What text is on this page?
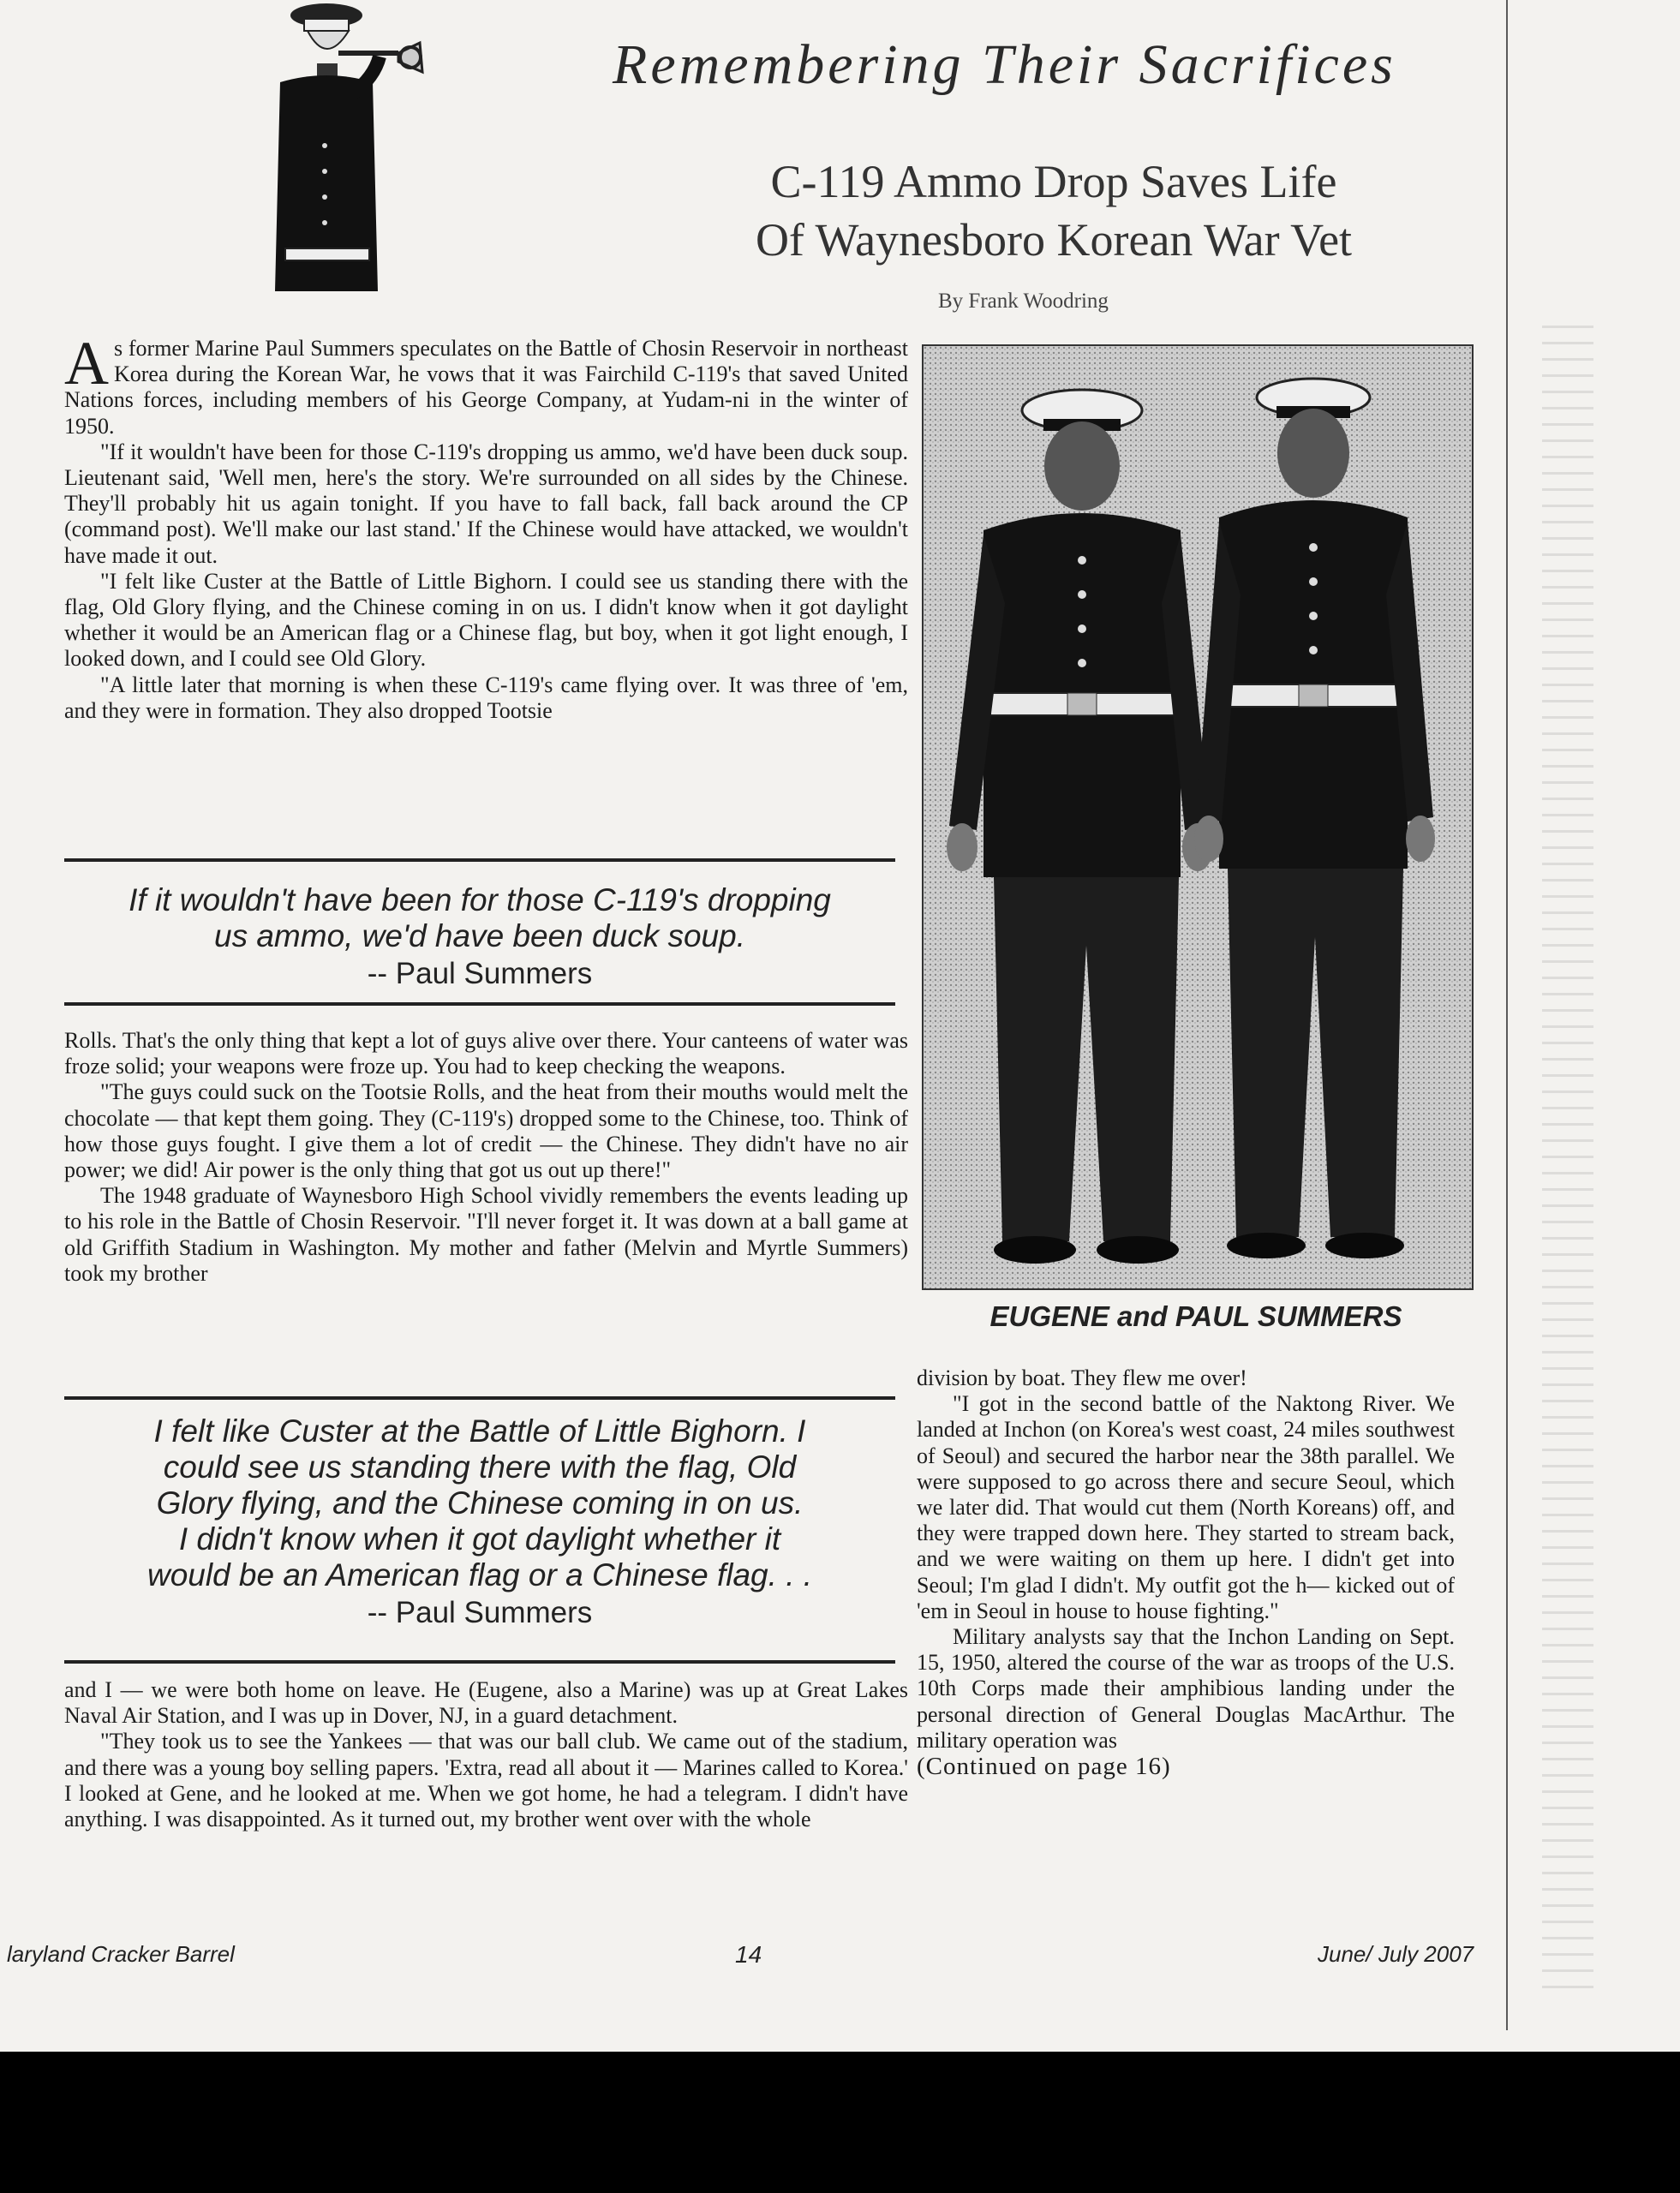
Remembering Their Sacrifices
C-119 Ammo Drop Saves Life
Of Waynesboro Korean War Vet
By Frank Woodring

As former Marine Paul Summers speculates on the Battle of Chosin Reservoir in northeast Korea during the Korean War, he vows that it was Fairchild C-119's that saved United Nations forces, including members of his George Company, at Yudam-ni in the winter of 1950.

"If it wouldn't have been for those C-119's dropping us ammo, we'd have been duck soup. Lieutenant said, 'Well men, here's the story. We're surrounded on all sides by the Chinese. They'll probably hit us again tonight. If you have to fall back, fall back around the CP (command post). We'll make our last stand.' If the Chinese would have attacked, we wouldn't have made it out.

"I felt like Custer at the Battle of Little Bighorn. I could see us standing there with the flag, Old Glory flying, and the Chinese coming in on us. I didn't know when it got daylight whether it would be an American flag or a Chinese flag, but boy, when it got light enough, I looked down, and I could see Old Glory.

"A little later that morning is when these C-119's came flying over. It was three of 'em, and they were in formation. They also dropped Tootsie

If it wouldn't have been for those C-119's dropping
us ammo, we'd have been duck soup.
-- Paul Summers

Rolls. That's the only thing that kept a lot of guys alive over there. Your canteens of water was froze solid; your weapons were froze up. You had to keep checking the weapons.

"The guys could suck on the Tootsie Rolls, and the heat from their mouths would melt the chocolate — that kept them going. They (C-119's) dropped some to the Chinese, too. Think of how those guys fought. I give them a lot of credit — the Chinese. They didn't have no air power; we did! Air power is the only thing that got us out up there!"

The 1948 graduate of Waynesboro High School vividly remembers the events leading up to his role in the Battle of Chosin Reservoir. "I'll never forget it. It was down at a ball game at old Griffith Stadium in Washington. My mother and father (Melvin and Myrtle Summers) took my brother

I felt like Custer at the Battle of Little Bighorn. I
could see us standing there with the flag, Old
Glory flying, and the Chinese coming in on us.
I didn't know when it got daylight whether it
would be an American flag or a Chinese flag. . .
-- Paul Summers

and I — we were both home on leave. He (Eugene, also a Marine) was up at Great Lakes Naval Air Station, and I was up in Dover, NJ, in a guard detachment.

"They took us to see the Yankees — that was our ball club. We came out of the stadium, and there was a young boy selling papers. 'Extra, read all about it — Marines called to Korea.' I looked at Gene, and he looked at me. When we got home, he had a telegram. I didn't have anything. I was disappointed. As it turned out, my brother went over with the whole

EUGENE and PAUL SUMMERS

division by boat. They flew me over!

"I got in the second battle of the Naktong River. We landed at Inchon (on Korea's west coast, 24 miles southwest of Seoul) and secured the harbor near the 38th parallel. We were supposed to go across there and secure Seoul, which we later did. That would cut them (North Koreans) off, and they were trapped down here. They started to stream back, and we were waiting on them up here. I didn't get into Seoul; I'm glad I didn't. My outfit got the h— kicked out of 'em in Seoul in house to house fighting."

Military analysts say that the Inchon Landing on Sept. 15, 1950, altered the course of the war as troops of the U.S. 10th Corps made their amphibious landing under the personal direction of General Douglas MacArthur. The military operation was

(Continued on page 16)

laryland Cracker Barrel	14	June/ July 2007
